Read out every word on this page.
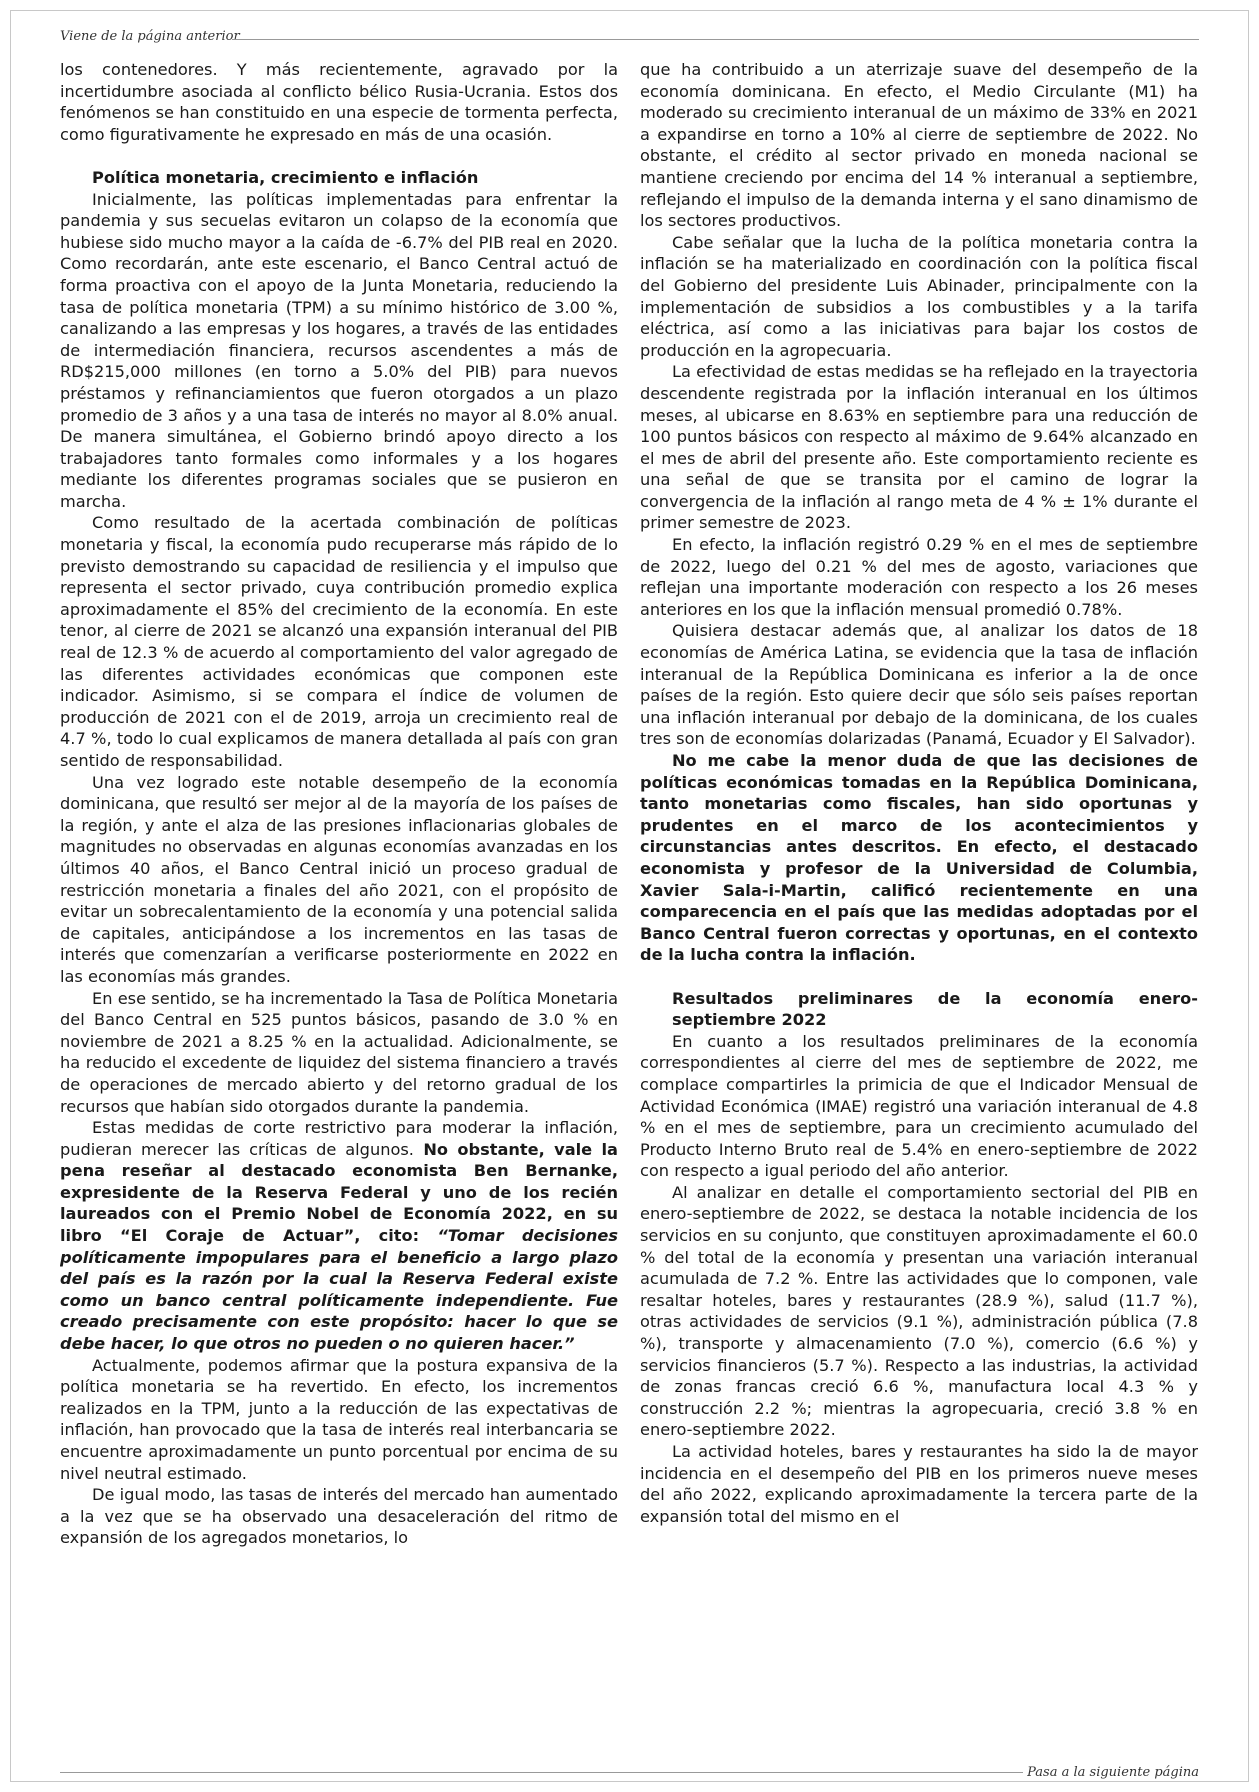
Viene de la página anterior

los contenedores. Y más recientemente, agravado por la incertidumbre asociada al conflicto bélico Rusia-Ucrania. Estos dos fenómenos se han constituido en una especie de tormenta perfecta, como figurativamente he expresado en más de una ocasión.

Política monetaria, crecimiento e inflación

Inicialmente, las políticas implementadas para enfrentar la pandemia y sus secuelas evitaron un colapso de la economía que hubiese sido mucho mayor a la caída de -6.7% del PIB real en 2020. Como recordarán, ante este escenario, el Banco Central actuó de forma proactiva con el apoyo de la Junta Monetaria, reduciendo la tasa de política monetaria (TPM) a su mínimo histórico de 3.00 %, canalizando a las empresas y los hogares, a través de las entidades de intermediación financiera, recursos ascendentes a más de RD$215,000 millones (en torno a 5.0% del PIB) para nuevos préstamos y refinanciamientos que fueron otorgados a un plazo promedio de 3 años y a una tasa de interés no mayor al 8.0% anual. De manera simultánea, el Gobierno brindó apoyo directo a los trabajadores tanto formales como informales y a los hogares mediante los diferentes programas sociales que se pusieron en marcha.

Como resultado de la acertada combinación de políticas monetaria y fiscal, la economía pudo recuperarse más rápido de lo previsto demostrando su capacidad de resiliencia y el impulso que representa el sector privado, cuya contribución promedio explica aproximadamente el 85% del crecimiento de la economía. En este tenor, al cierre de 2021 se alcanzó una expansión interanual del PIB real de 12.3 % de acuerdo al comportamiento del valor agregado de las diferentes actividades económicas que componen este indicador. Asimismo, si se compara el índice de volumen de producción de 2021 con el de 2019, arroja un crecimiento real de 4.7 %, todo lo cual explicamos de manera detallada al país con gran sentido de responsabilidad.

Una vez logrado este notable desempeño de la economía dominicana, que resultó ser mejor al de la mayoría de los países de la región, y ante el alza de las presiones inflacionarias globales de magnitudes no observadas en algunas economías avanzadas en los últimos 40 años, el Banco Central inició un proceso gradual de restricción monetaria a finales del año 2021, con el propósito de evitar un sobrecalentamiento de la economía y una potencial salida de capitales, anticipándose a los incrementos en las tasas de interés que comenzarían a verificarse posteriormente en 2022 en las economías más grandes.

En ese sentido, se ha incrementado la Tasa de Política Monetaria del Banco Central en 525 puntos básicos, pasando de 3.0 % en noviembre de 2021 a 8.25 % en la actualidad. Adicionalmente, se ha reducido el excedente de liquidez del sistema financiero a través de operaciones de mercado abierto y del retorno gradual de los recursos que habían sido otorgados durante la pandemia.

Estas medidas de corte restrictivo para moderar la inflación, pudieran merecer las críticas de algunos. No obstante, vale la pena reseñar al destacado economista Ben Bernanke, expresidente de la Reserva Federal y uno de los recién laureados con el Premio Nobel de Economía 2022, en su libro “El Coraje de Actuar”, cito: “Tomar decisiones políticamente impopulares para el beneficio a largo plazo del país es la razón por la cual la Reserva Federal existe como un banco central políticamente independiente. Fue creado precisamente con este propósito: hacer lo que se debe hacer, lo que otros no pueden o no quieren hacer.”

Actualmente, podemos afirmar que la postura expansiva de la política monetaria se ha revertido. En efecto, los incrementos realizados en la TPM, junto a la reducción de las expectativas de inflación, han provocado que la tasa de interés real interbancaria se encuentre aproximadamente un punto porcentual por encima de su nivel neutral estimado.

De igual modo, las tasas de interés del mercado han aumentado a la vez que se ha observado una desaceleración del ritmo de expansión de los agregados monetarios, lo

que ha contribuido a un aterrizaje suave del desempeño de la economía dominicana. En efecto, el Medio Circulante (M1) ha moderado su crecimiento interanual de un máximo de 33% en 2021 a expandirse en torno a 10% al cierre de septiembre de 2022. No obstante, el crédito al sector privado en moneda nacional se mantiene creciendo por encima del 14 % interanual a septiembre, reflejando el impulso de la demanda interna y el sano dinamismo de los sectores productivos.

Cabe señalar que la lucha de la política monetaria contra la inflación se ha materializado en coordinación con la política fiscal del Gobierno del presidente Luis Abinader, principalmente con la implementación de subsidios a los combustibles y a la tarifa eléctrica, así como a las iniciativas para bajar los costos de producción en la agropecuaria.

La efectividad de estas medidas se ha reflejado en la trayectoria descendente registrada por la inflación interanual en los últimos meses, al ubicarse en 8.63% en septiembre para una reducción de 100 puntos básicos con respecto al máximo de 9.64% alcanzado en el mes de abril del presente año. Este comportamiento reciente es una señal de que se transita por el camino de lograr la convergencia de la inflación al rango meta de 4 % ± 1% durante el primer semestre de 2023.

En efecto, la inflación registró 0.29 % en el mes de septiembre de 2022, luego del 0.21 % del mes de agosto, variaciones que reflejan una importante moderación con respecto a los 26 meses anteriores en los que la inflación mensual promedió 0.78%.

Quisiera destacar además que, al analizar los datos de 18 economías de América Latina, se evidencia que la tasa de inflación interanual de la República Dominicana es inferior a la de once países de la región. Esto quiere decir que sólo seis países reportan una inflación interanual por debajo de la dominicana, de los cuales tres son de economías dolarizadas (Panamá, Ecuador y El Salvador).

No me cabe la menor duda de que las decisiones de políticas económicas tomadas en la República Dominicana, tanto monetarias como fiscales, han sido oportunas y prudentes en el marco de los acontecimientos y circunstancias antes descritos. En efecto, el destacado economista y profesor de la Universidad de Columbia, Xavier Sala-i-Martin, calificó recientemente en una comparecencia en el país que las medidas adoptadas por el Banco Central fueron correctas y oportunas, en el contexto de la lucha contra la inflación.

Resultados preliminares de la economía enero-septiembre 2022

En cuanto a los resultados preliminares de la economía correspondientes al cierre del mes de septiembre de 2022, me complace compartirles la primicia de que el Indicador Mensual de Actividad Económica (IMAE) registró una variación interanual de 4.8 % en el mes de septiembre, para un crecimiento acumulado del Producto Interno Bruto real de 5.4% en enero-septiembre de 2022 con respecto a igual periodo del año anterior.

Al analizar en detalle el comportamiento sectorial del PIB en enero-septiembre de 2022, se destaca la notable incidencia de los servicios en su conjunto, que constituyen aproximadamente el 60.0 % del total de la economía y presentan una variación interanual acumulada de 7.2 %. Entre las actividades que lo componen, vale resaltar hoteles, bares y restaurantes (28.9 %), salud (11.7 %), otras actividades de servicios (9.1 %), administración pública (7.8 %), transporte y almacenamiento (7.0 %), comercio (6.6 %) y servicios financieros (5.7 %). Respecto a las industrias, la actividad de zonas francas creció 6.6 %, manufactura local 4.3 % y construcción 2.2 %; mientras la agropecuaria, creció 3.8 % en enero-septiembre 2022.

La actividad hoteles, bares y restaurantes ha sido la de mayor incidencia en el desempeño del PIB en los primeros nueve meses del año 2022, explicando aproximadamente la tercera parte de la expansión total del mismo en el

Pasa a la siguiente página
